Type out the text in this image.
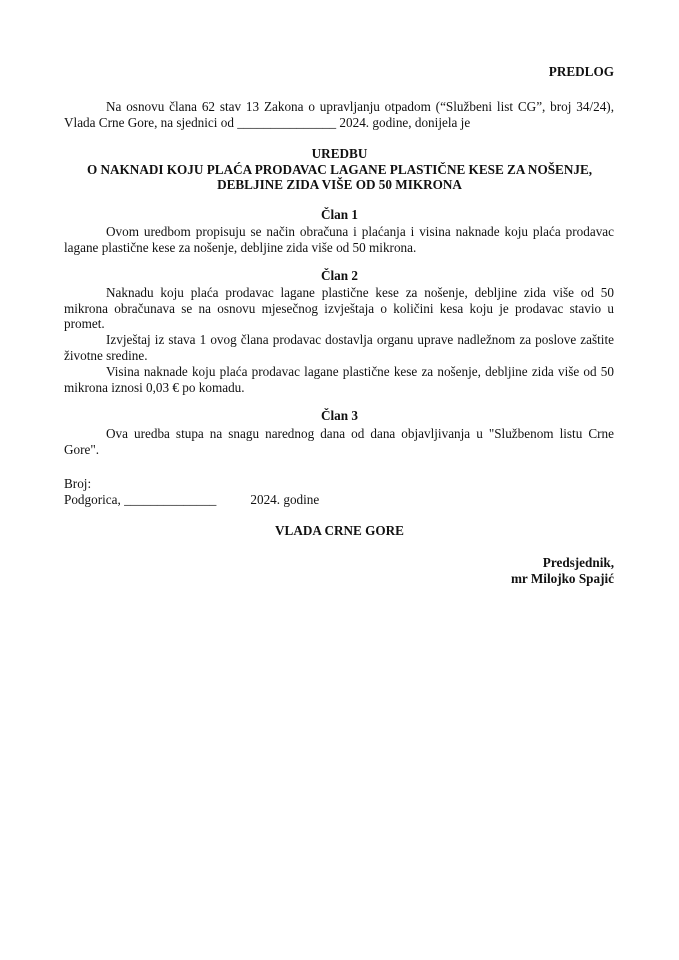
PREDLOG
Na osnovu člana 62 stav 13 Zakona o upravljanju otpadom (“Službeni list CG”, broj 34/24), Vlada Crne Gore, na sjednici od _______________ 2024. godine, donijela je
UREDBU
O NAKNADI KOJU PLAĆA PRODAVAC LAGANE PLASTIČNE KESE ZA NOŠENJE,
DEBLJINE ZIDA VIŠE OD 50 MIKRONA
Član 1
Ovom uredbom propisuju se način obračuna i plaćanja i visina naknade koju plaća prodavac lagane plastične kese za nošenje, debljine zida više od 50 mikrona.
Član 2
Naknadu koju plaća prodavac lagane plastične kese za nošenje, debljine zida više od 50 mikrona obračunava se na osnovu mjesečnog izvještaja o količini kesa koju je prodavac stavio u promet.
Izvještaj iz stava 1 ovog člana prodavac dostavlja organu uprave nadležnom za poslove zaštite životne sredine.
Visina naknade koju plaća prodavac lagane plastične kese za nošenje, debljine zida više od 50 mikrona iznosi 0,03 € po komadu.
Član 3
Ova uredba stupa na snagu narednog dana od dana objavljivanja u "Službenom listu Crne Gore".
Broj:
Podgorica, ______________	2024. godine
VLADA CRNE GORE
Predsjednik,
mr Milojko Spajić
